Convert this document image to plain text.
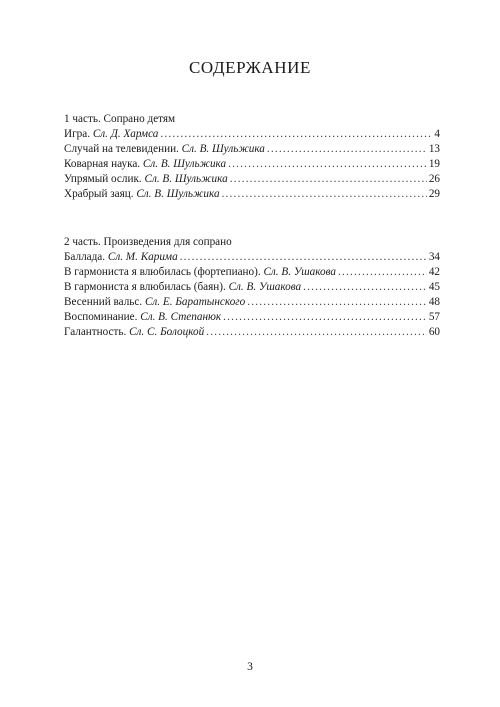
СОДЕРЖАНИЕ
1 часть. Сопрано детям
Игра. Сл. Д. Хармса .....	4
Случай на телевидении. Сл. В. Шульжика .....	13
Коварная наука. Сл. В. Шульжика .....	19
Упрямый ослик. Сл. В. Шульжика .....	26
Храбрый заяц. Сл. В. Шульжика .....	29
2 часть. Произведения для сопрано
Баллада. Сл. М. Карима .....	34
В гармониста я влюбилась (фортепиано). Сл. В. Ушакова .....	42
В гармониста я влюбилась (баян). Сл. В. Ушакова .....	45
Весенний вальс. Сл. Е. Баратынского .....	48
Воспоминание. Сл. В. Степанюк .....	57
Галантность. Сл. С. Болоцкой .....	60
3
